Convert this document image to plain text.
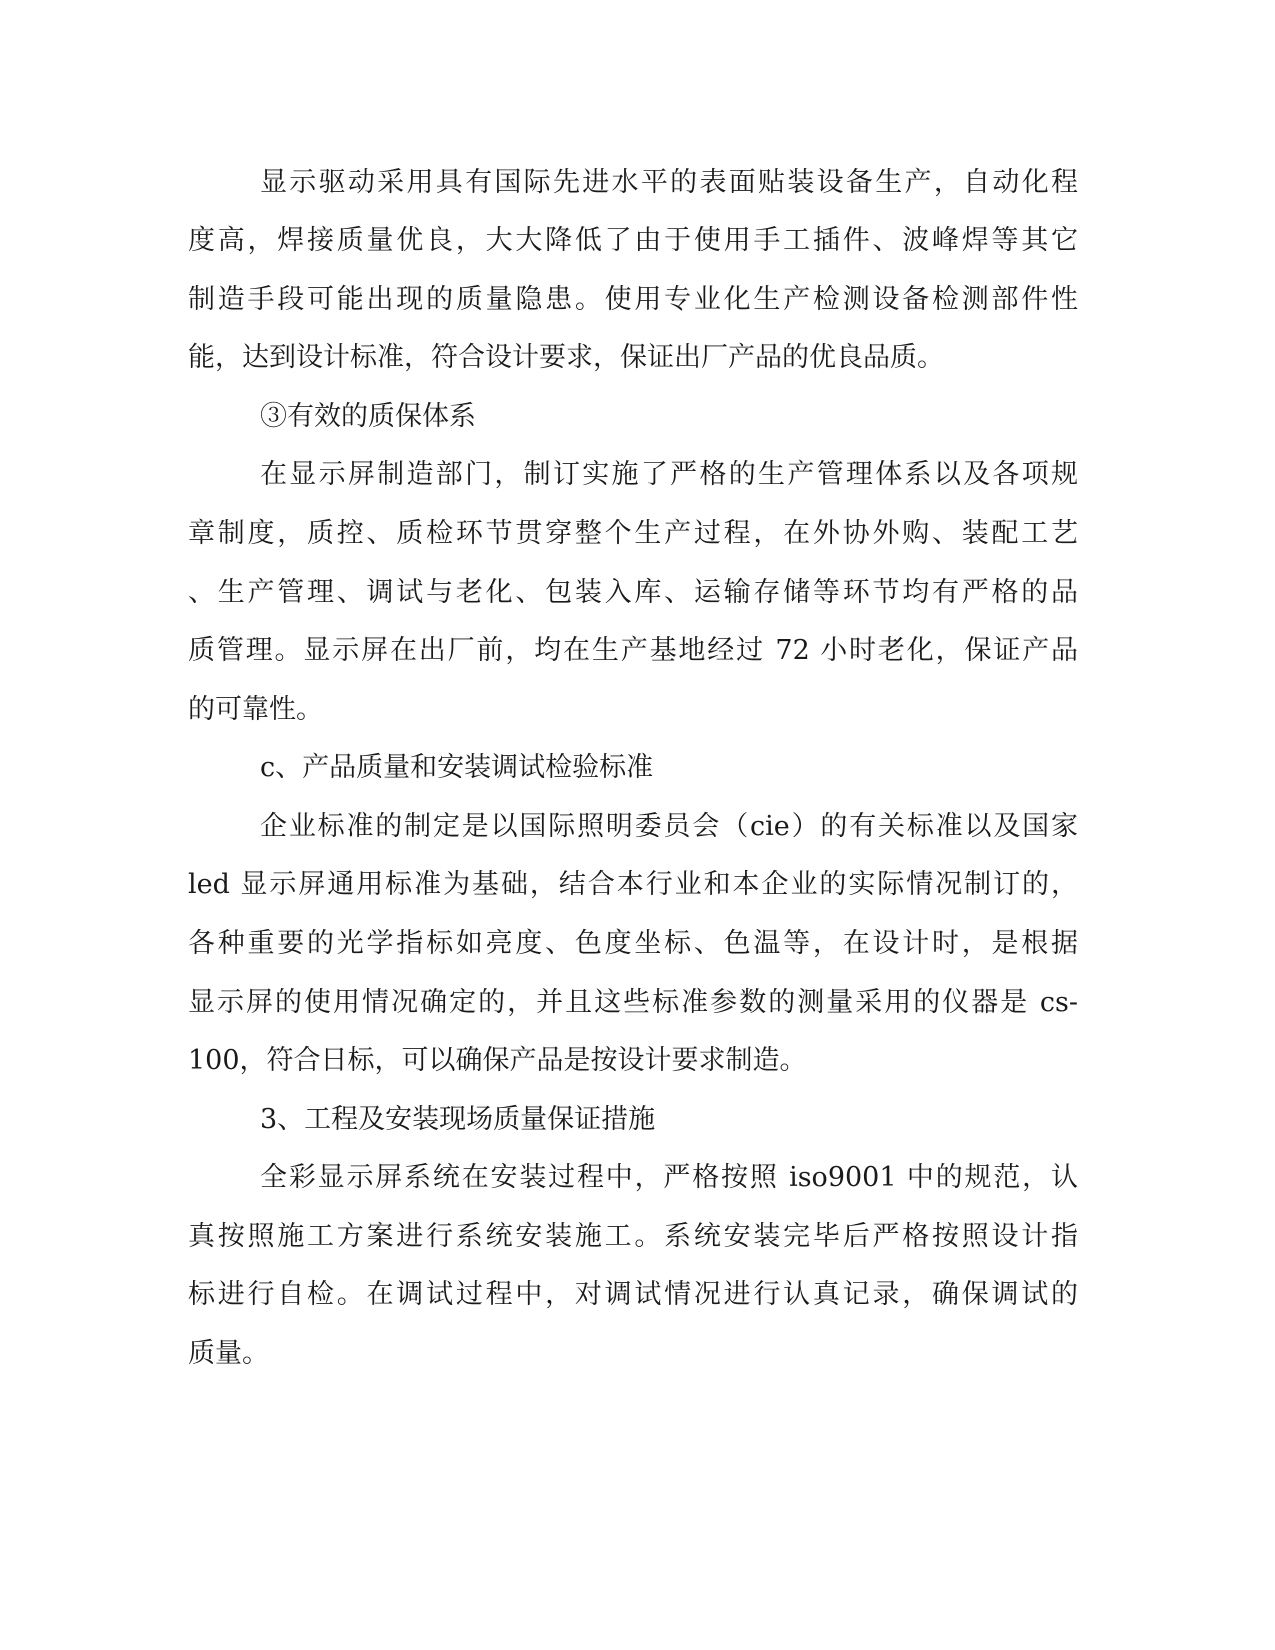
显示驱动采用具有国际先进水平的表面贴装设备生产，自动化程
度高，焊接质量优良，大大降低了由于使用手工插件、波峰焊等其它
制造手段可能出现的质量隐患。使用专业化生产检测设备检测部件性
能，达到设计标准，符合设计要求，保证出厂产品的优良品质。
③有效的质保体系
在显示屏制造部门，制订实施了严格的生产管理体系以及各项规
章制度，质控、质检环节贯穿整个生产过程，在外协外购、装配工艺
、生产管理、调试与老化、包装入库、运输存储等环节均有严格的品
质管理。显示屏在出厂前，均在生产基地经过 72 小时老化，保证产品
的可靠性。
c、产品质量和安装调试检验标准
企业标准的制定是以国际照明委员会（cie）的有关标准以及国家
led 显示屏通用标准为基础，结合本行业和本企业的实际情况制订的，
各种重要的光学指标如亮度、色度坐标、色温等，在设计时，是根据
显示屏的使用情况确定的，并且这些标准参数的测量采用的仪器是 cs-
100，符合日标，可以确保产品是按设计要求制造。
3、工程及安装现场质量保证措施
全彩显示屏系统在安装过程中，严格按照 iso9001 中的规范，认
真按照施工方案进行系统安装施工。系统安装完毕后严格按照设计指
标进行自检。在调试过程中，对调试情况进行认真记录，确保调试的
质量。
